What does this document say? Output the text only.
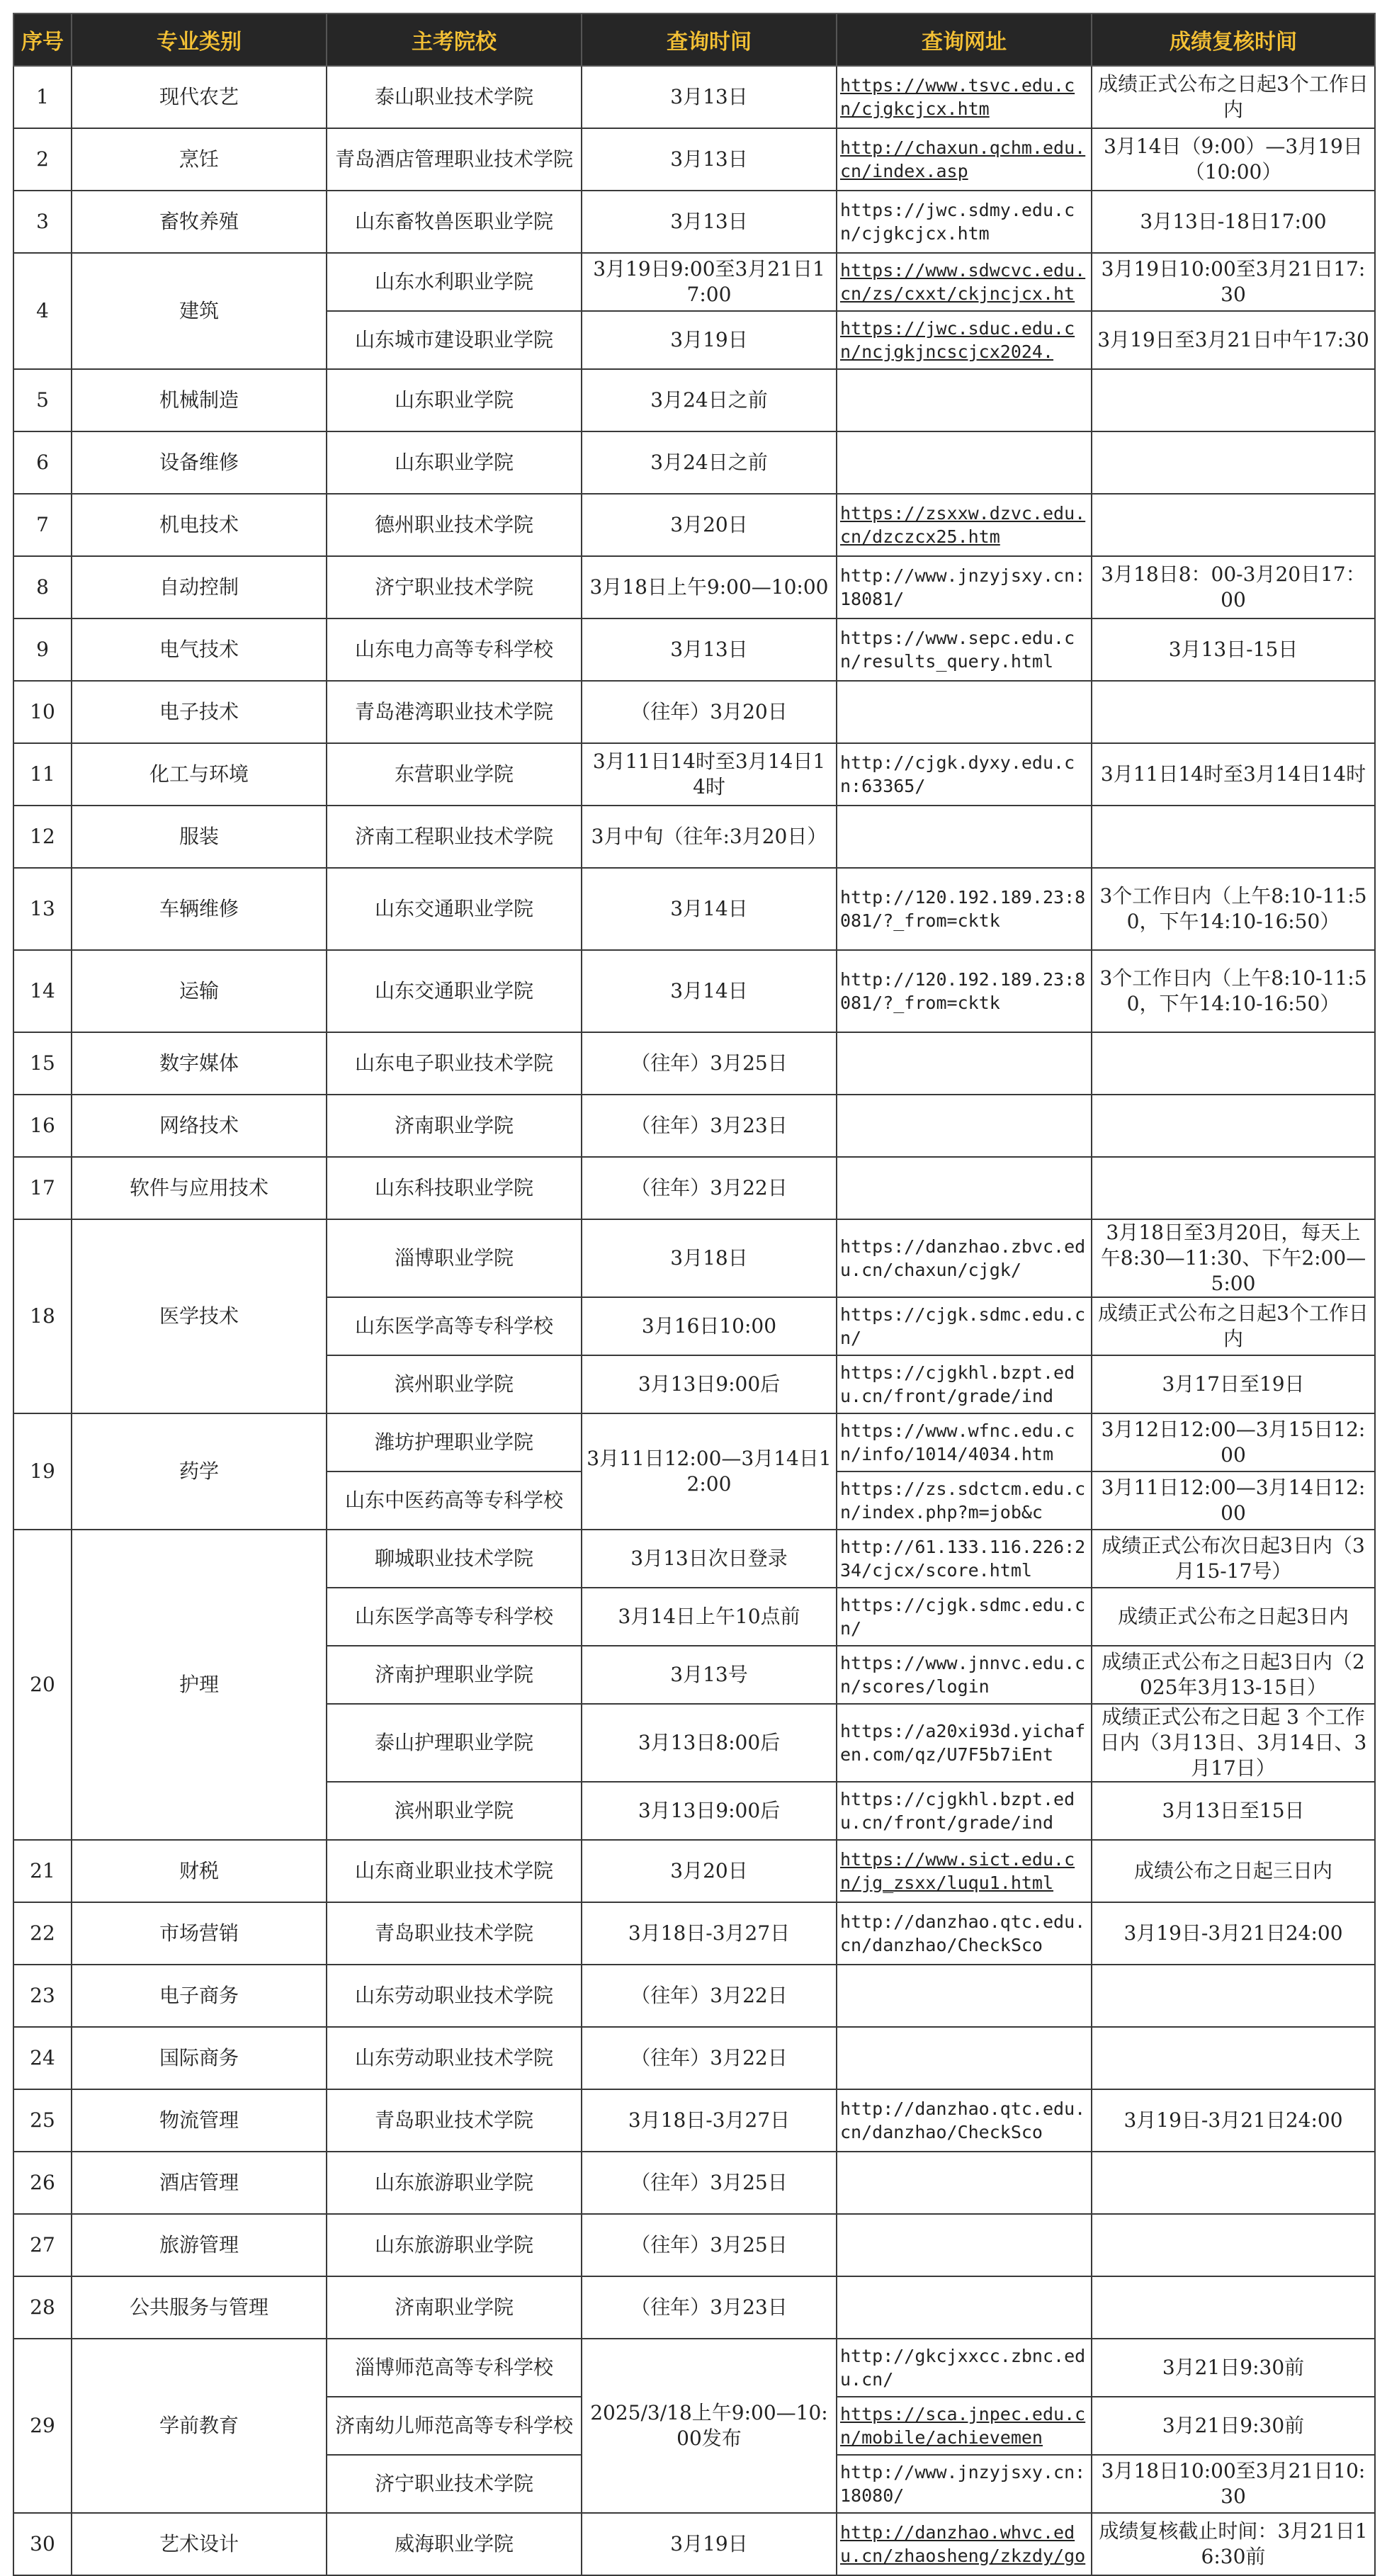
序号	专业类别	主考院校	查询时间	查询网址	成绩复核时间
1	现代农艺	泰山职业技术学院	3月13日	https://www.tsvc.edu.cn/cjgkcjcx.htm	成绩正式公布之日起3个工作日内
2	烹饪	青岛酒店管理职业技术学院	3月13日	http://chaxun.qchm.edu.cn/index.asp	3月14日（9:00）—3月19日（10:00）
3	畜牧养殖	山东畜牧兽医职业学院	3月13日	https://jwc.sdmy.edu.cn/cjgkcjcx.htm	3月13日-18日17:00
4	建筑	山东水利职业学院	3月19日9:00至3月21日17:00	https://www.sdwcvc.edu.cn/zs/cxxt/ckjncjcx.ht	3月19日10:00至3月21日17:30
		山东城市建设职业学院	3月19日	https://jwc.sduc.edu.cn/ncjgkjncscjcx2024.	3月19日至3月21日中午17:30
5	机械制造	山东职业学院	3月24日之前		
6	设备维修	山东职业学院	3月24日之前		
7	机电技术	德州职业技术学院	3月20日	https://zsxxw.dzvc.edu.cn/dzczcx25.htm	

8	自动控制	济宁职业技术学院	3月18日上午9:00—10:00	http://www.jnzyjsxy.cn:18081/	3月18日8：00-3月20日17：00
9	电气技术	山东电力高等专科学校	3月13日	https://www.sepc.edu.cn/results_query.html	3月13日-15日
10	电子技术	青岛港湾职业技术学院	（往年）3月20日		
11	化工与环境	东营职业学院	3月11日14时至3月14日14时	http://cjgk.dyxy.edu.cn:63365/	3月11日14时至3月14日14时
12	服装	济南工程职业技术学院	3月中旬（往年:3月20日）		
13	车辆维修	山东交通职业学院	3月14日	http://120.192.189.23:8081/?_from=cktk	3个工作日内（上午8:10-11:50，下午14:10-16:50）
14	运输	山东交通职业学院	3月14日	http://120.192.189.23:8081/?_from=cktk	3个工作日内（上午8:10-11:50，下午14:10-16:50）
15	数字媒体	山东电子职业技术学院	（往年）3月25日		
16	网络技术	济南职业学院	（往年）3月23日		
17	软件与应用技术	山东科技职业学院	（往年）3月22日		
18	医学技术	淄博职业学院	3月18日	https://danzhao.zbvc.edu.cn/chaxun/cjgk/	3月18日至3月20日，每天上午8:30—11:30、下午2:00—5:00
		山东医学高等专科学校	3月16日10:00	https://cjgk.sdmc.edu.cn/	成绩正式公布之日起3个工作日内
		滨州职业学院	3月13日9:00后	https://cjgkhl.bzpt.edu.cn/front/grade/ind	3月17日至19日
19	药学	潍坊护理职业学院	3月11日12:00—3月14日12:00	https://www.wfnc.edu.cn/info/1014/4034.htm	3月12日12:00—3月15日12:00
		山东中医药高等专科学校		https://zs.sdctcm.edu.cn/index.php?m=job&c	3月11日12:00—3月14日12:00
20	护理	聊城职业技术学院	3月13日次日登录	http://61.133.116.226:234/cjcx/score.html	成绩正式公布次日起3日内（3月15-17号）
		山东医学高等专科学校	3月14日上午10点前	https://cjgk.sdmc.edu.cn/	成绩正式公布之日起3日内
		济南护理职业学院	3月13号	https://www.jnnvc.edu.cn/scores/login	成绩正式公布之日起3日内（2025年3月13-15日）
		泰山护理职业学院	3月13日8:00后	https://a20xi93d.yichafen.com/qz/U7F5b7iEnt	成绩正式公布之日起 3 个工作日内（3月13日、3月14日、3月17日）
		滨州职业学院	3月13日9:00后	https://cjgkhl.bzpt.edu.cn/front/grade/ind	3月13日至15日
21	财税	山东商业职业技术学院	3月20日	https://www.sict.edu.cn/jg_zsxx/luqu1.html	成绩公布之日起三日内
22	市场营销	青岛职业技术学院	3月18日-3月27日	http://danzhao.qtc.edu.cn/danzhao/CheckSco	3月19日-3月21日24:00
23	电子商务	山东劳动职业技术学院	（往年）3月22日		
24	国际商务	山东劳动职业技术学院	（往年）3月22日		
25	物流管理	青岛职业技术学院	3月18日-3月27日	http://danzhao.qtc.edu.cn/danzhao/CheckSco	3月19日-3月21日24:00
26	酒店管理	山东旅游职业学院	（往年）3月25日		
27	旅游管理	山东旅游职业学院	（往年）3月25日		
28	公共服务与管理	济南职业学院	（往年）3月23日		
29	学前教育	淄博师范高等专科学校	2025/3/18上午9:00—10:00发布	http://gkcjxxcc.zbnc.edu.cn/	3月21日9:30前
		济南幼儿师范高等专科学校		https://sca.jnpec.edu.cn/mobile/achievemen	3月21日9:30前
		济宁职业技术学院		http://www.jnzyjsxy.cn:18080/	3月18日10:00至3月21日10:30
30	艺术设计	威海职业学院	3月19日	http://danzhao.whvc.edu.cn/zhaosheng/zkzdy/go	成绩复核截止时间：3月21日16:30前
